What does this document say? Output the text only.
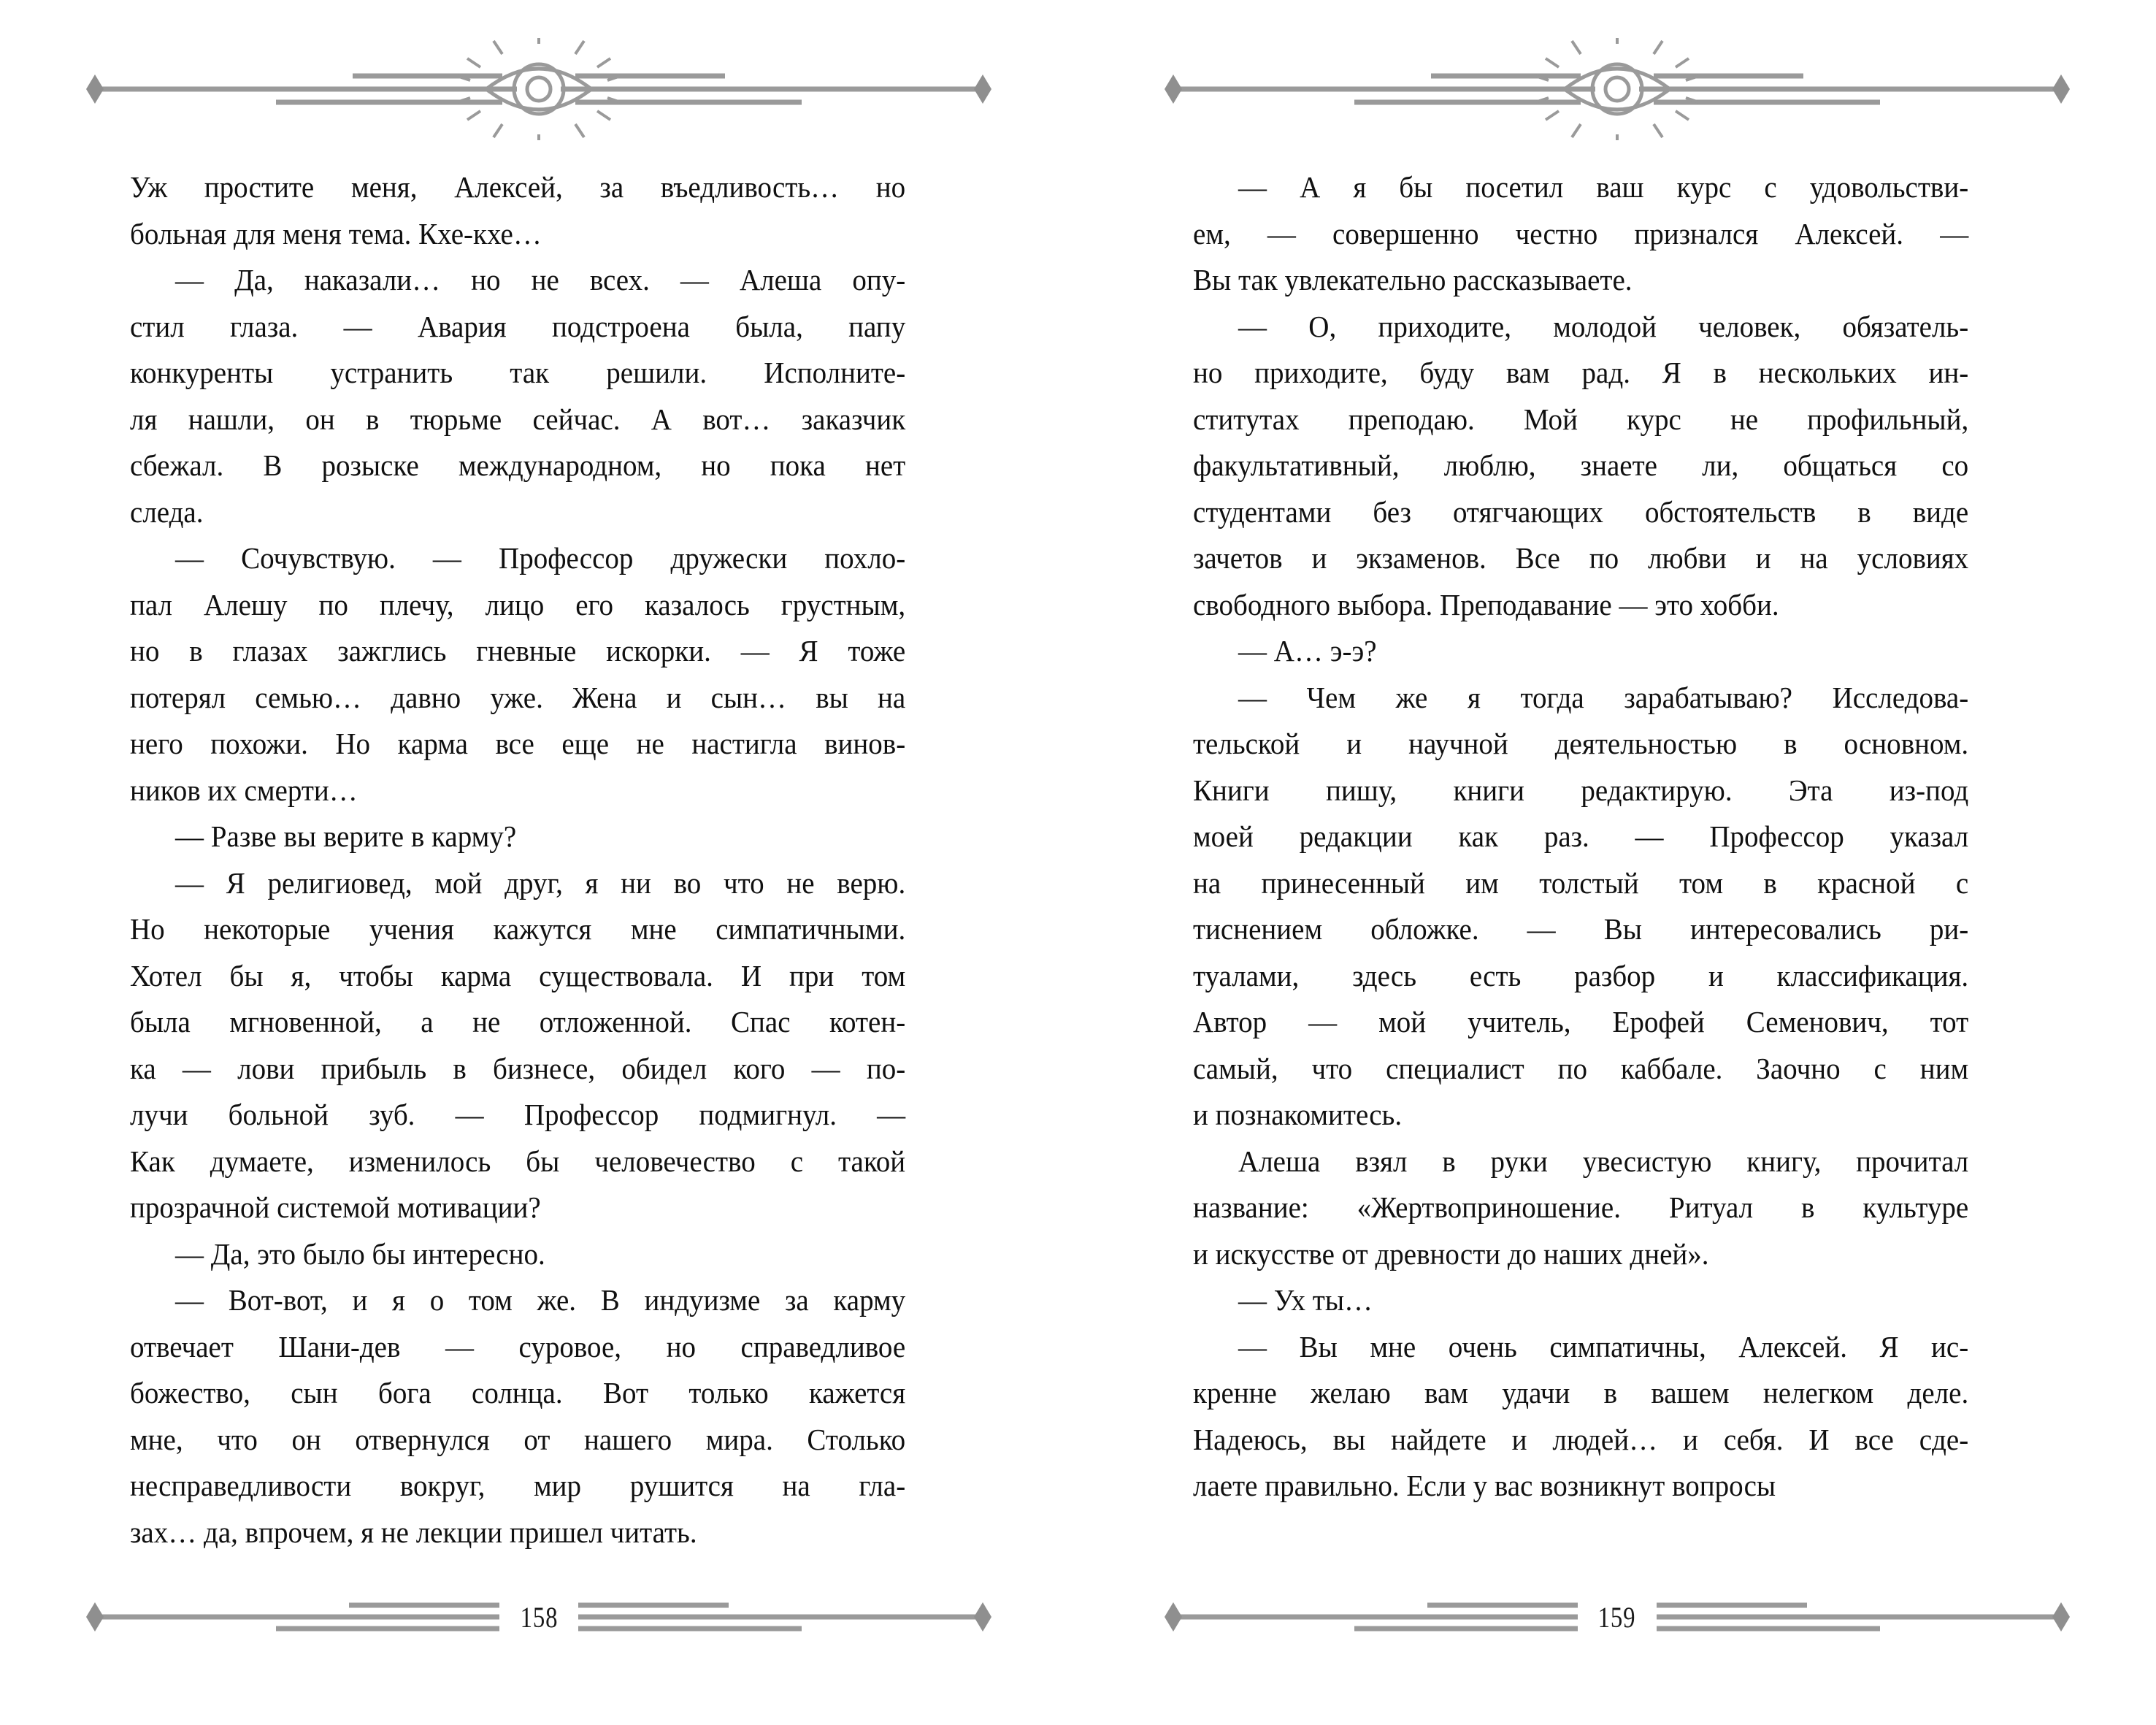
Уж простите меня, Алексей, за въедливость… но
больная для меня тема. Кхе-кхе…
— Да, наказали… но не всех. — Алеша опу-
стил глаза. — Авария подстроена была, папу
конкуренты устранить так решили. Исполните-
ля нашли, он в тюрьме сейчас. А вот… заказчик
сбежал. В розыске международном, но пока нет
следа.
— Сочувствую. — Профессор дружески похло-
пал Алешу по плечу, лицо его казалось грустным,
но в глазах зажглись гневные искорки. — Я тоже
потерял семью… давно уже. Жена и сын… вы на
него похожи. Но карма все еще не настигла винов-
ников их смерти…
— Разве вы верите в карму?
— Я религиовед, мой друг, я ни во что не верю.
Но некоторые учения кажутся мне симпатичными.
Хотел бы я, чтобы карма существовала. И при том
была мгновенной, а не отложенной. Спас котен-
ка — лови прибыль в бизнесе, обидел кого — по-
лучи больной зуб. — Профессор подмигнул. —
Как думаете, изменилось бы человечество с такой
прозрачной системой мотивации?
— Да, это было бы интересно.
— Вот-вот, и я о том же. В индуизме за карму
отвечает Шани-дев — суровое, но справедливое
божество, сын бога солнца. Вот только кажется
мне, что он отвернулся от нашего мира. Столько
несправедливости вокруг, мир рушится на гла-
зах… да, впрочем, я не лекции пришел читать.
158
— А я бы посетил ваш курс с удовольстви-
ем, — совершенно честно признался Алексей. —
Вы так увлекательно рассказываете.
— О, приходите, молодой человек, обязатель-
но приходите, буду вам рад. Я в нескольких ин-
ститутах преподаю. Мой курс не профильный,
факультативный, люблю, знаете ли, общаться со
студентами без отягчающих обстоятельств в виде
зачетов и экзаменов. Все по любви и на условиях
свободного выбора. Преподавание — это хобби.
— А… э-э?
— Чем же я тогда зарабатываю? Исследова-
тельской и научной деятельностью в основном.
Книги пишу, книги редактирую. Эта из-под
моей редакции как раз. — Профессор указал
на принесенный им толстый том в красной с
тиснением обложке. — Вы интересовались ри-
туалами, здесь есть разбор и классификация.
Автор — мой учитель, Ерофей Семенович, тот
самый, что специалист по каббале. Заочно с ним
и познакомитесь.
Алеша взял в руки увесистую книгу, прочитал
название: «Жертвоприношение. Ритуал в культуре
и искусстве от древности до наших дней».
— Ух ты…
— Вы мне очень симпатичны, Алексей. Я ис-
кренне желаю вам удачи в вашем нелегком деле.
Надеюсь, вы найдете и людей… и себя. И все сде-
лаете правильно. Если у вас возникнут вопросы
159
